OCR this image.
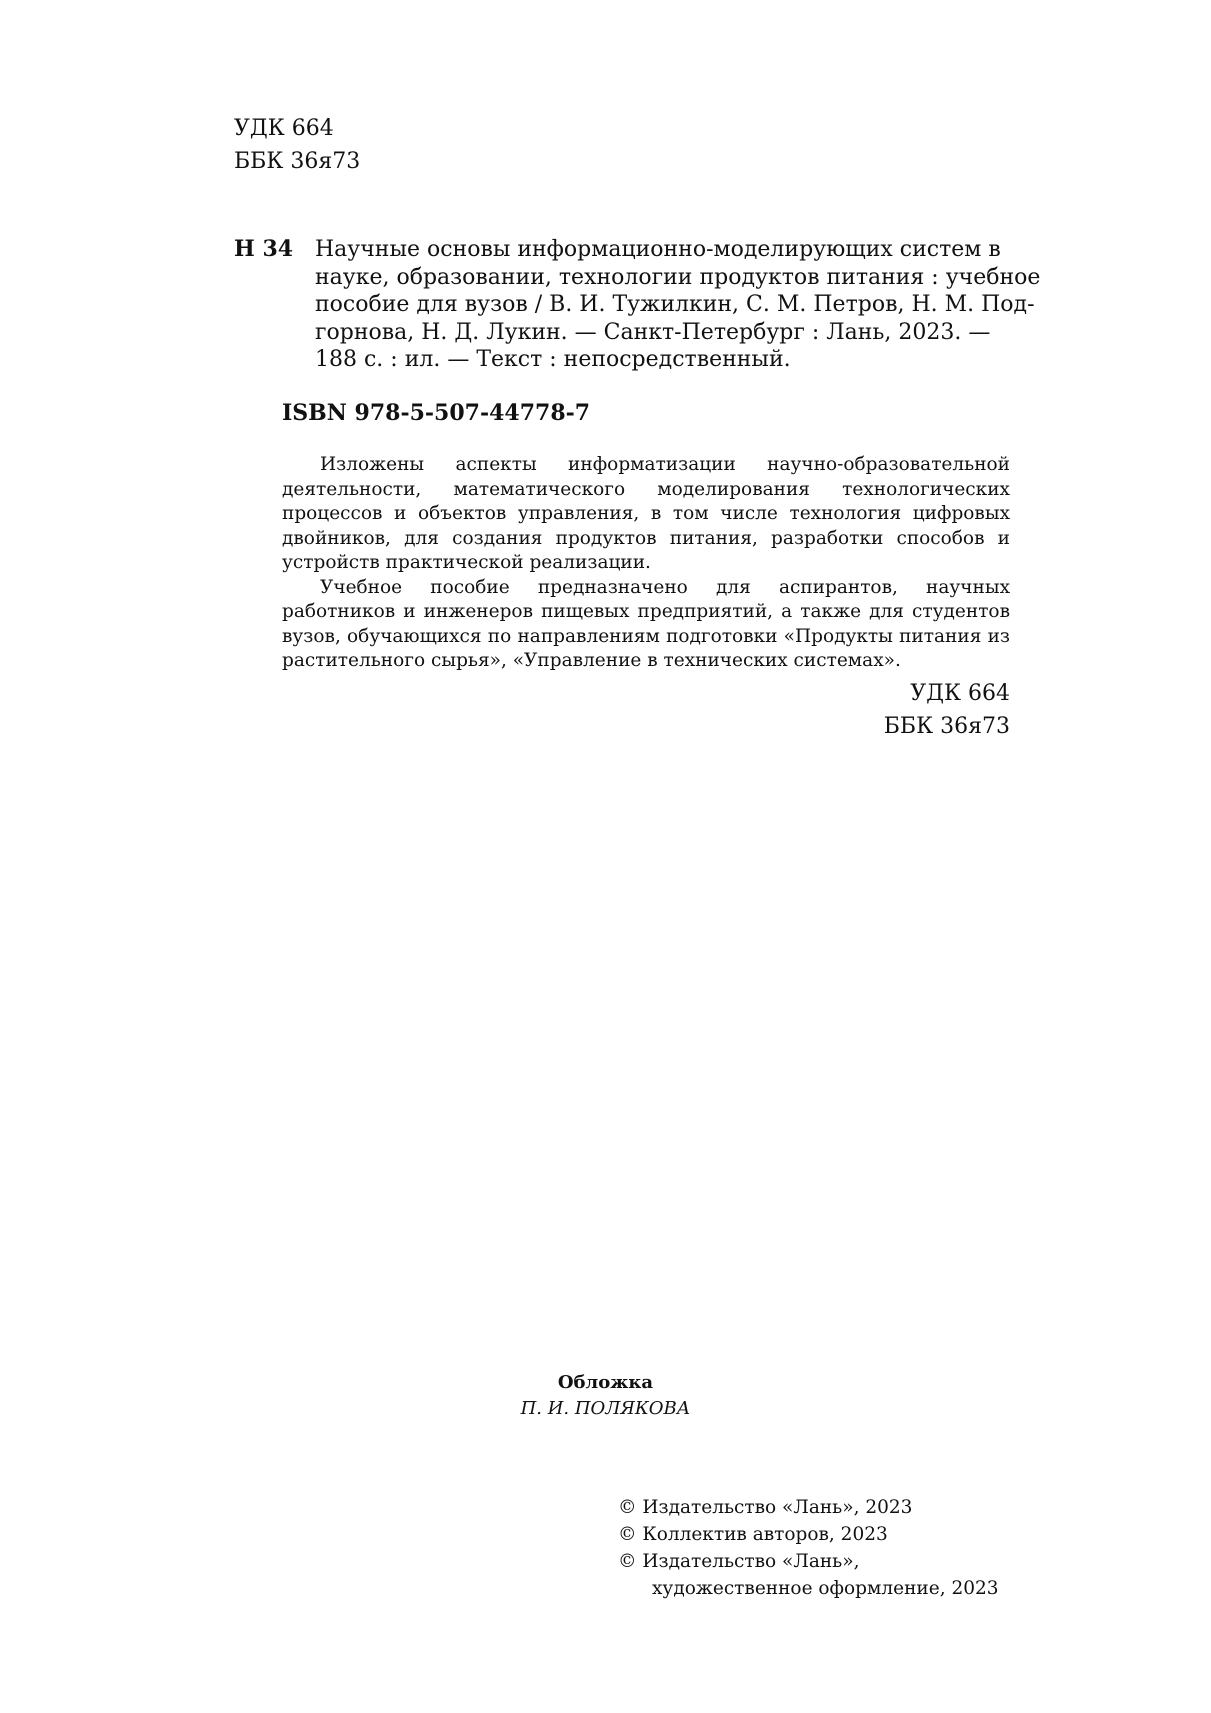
УДК 664
ББК 36я73
Н 34 Научные основы информационно-моделирующих систем в
науке, образовании, технологии продуктов питания : учебное
пособие для вузов / В. И. Тужилкин, С. М. Петров, Н. М. Под-
горнова, Н. Д. Лукин. — Санкт-Петербург : Лань, 2023. —
188 с. : ил. — Текст : непосредственный.
ISBN 978-5-507-44778-7

Изложены аспекты информатизации научно-образовательной деятельности, математического моделирования технологических процессов и объектов управления, в том числе технология цифровых двойников, для создания продуктов питания, разработки способов и устройств практической реализации.

Учебное пособие предназначено для аспирантов, научных работников и инженеров пищевых предприятий, а также для студентов вузов, обучающихся по направлениям подготовки «Продукты питания из растительного сырья», «Управление в технических системах».

УДК 664
ББК 36я73
Обложка
П. И. ПОЛЯКОВА
© Издательство «Лань», 2023
© Коллектив авторов, 2023
© Издательство «Лань»,
художественное оформление, 2023
